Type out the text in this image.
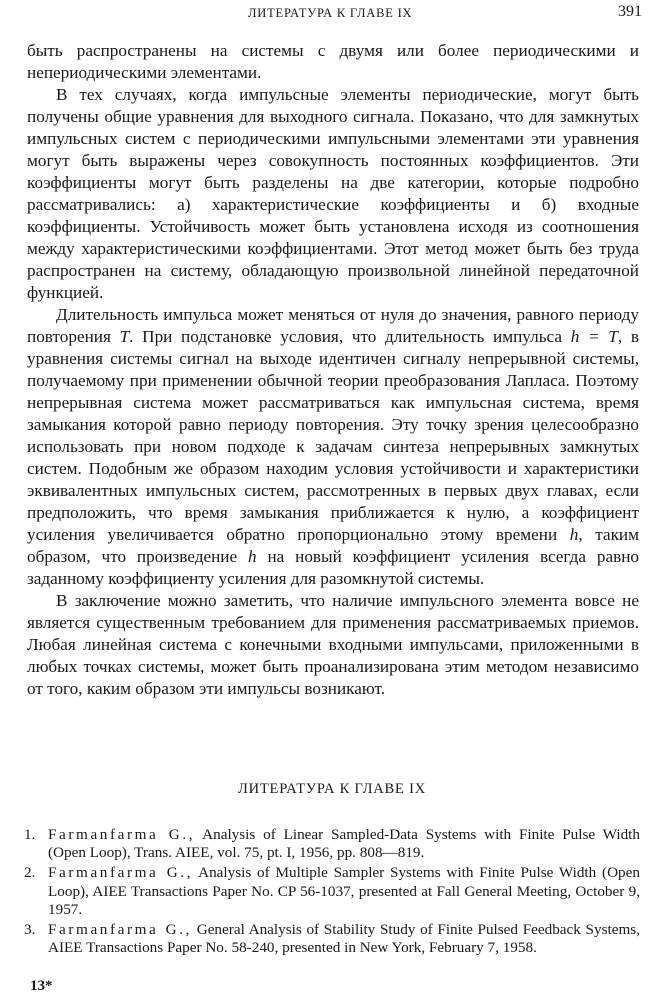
ЛИТЕРАТУРА К ГЛАВЕ IX	391

быть распространены на системы с двумя или более периодическими и непериодическими элементами.

В тех случаях, когда импульсные элементы периодические, могут быть получены общие уравнения для выходного сигнала. Показано, что для замкнутых импульсных систем с периодическими импульсными элементами эти уравнения могут быть выражены через совокупность постоянных коэффициентов. Эти коэффициенты могут быть разделены на две категории, которые подробно рассматривались: а) характеристические коэффициенты и б) входные коэффициенты. Устойчивость может быть установлена исходя из соотношения между характеристическими коэффициентами. Этот метод может быть без труда распространен на систему, обладающую произвольной линейной передаточной функцией.

Длительность импульса может меняться от нуля до значения, равного периоду повторения T. При подстановке условия, что длительность импульса h = T, в уравнения системы сигнал на выходе идентичен сигналу непрерывной системы, получаемому при применении обычной теории преобразования Лапласа. Поэтому непрерывная система может рассматриваться как импульсная система, время замыкания которой равно периоду повторения. Эту точку зрения целесообразно использовать при новом подходе к задачам синтеза непрерывных замкнутых систем. Подобным же образом находим условия устойчивости и характеристики эквивалентных импульсных систем, рассмотренных в первых двух главах, если предположить, что время замыкания приближается к нулю, а коэффициент усиления увеличивается обратно пропорционально этому времени h, таким образом, что произведение h на новый коэффициент усиления всегда равно заданному коэффициенту усиления для разомкнутой системы.

В заключение можно заметить, что наличие импульсного элемента вовсе не является существенным требованием для применения рассматриваемых приемов. Любая линейная система с конечными входными импульсами, приложенными в любых точках системы, может быть проанализирована этим методом независимо от того, каким образом эти импульсы возникают.

ЛИТЕРАТУРА К ГЛАВЕ IX
1. Farmanfarma G., Analysis of Linear Sampled-Data Systems with Finite Pulse Width (Open Loop), Trans. AIEE, vol. 75, pt. I, 1956, pp. 808—819.
2. Farmanfarma G., Analysis of Multiple Sampler Systems with Finite Pulse Width (Open Loop), AIEE Transactions Paper No. CP 56-1037, presented at Fall General Meeting, October 9, 1957.
3. Farmanfarma G., General Analysis of Stability Study of Finite Pulsed Feedback Systems, AIEE Transactions Paper No. 58-240, presented in New York, February 7, 1958.
13*
